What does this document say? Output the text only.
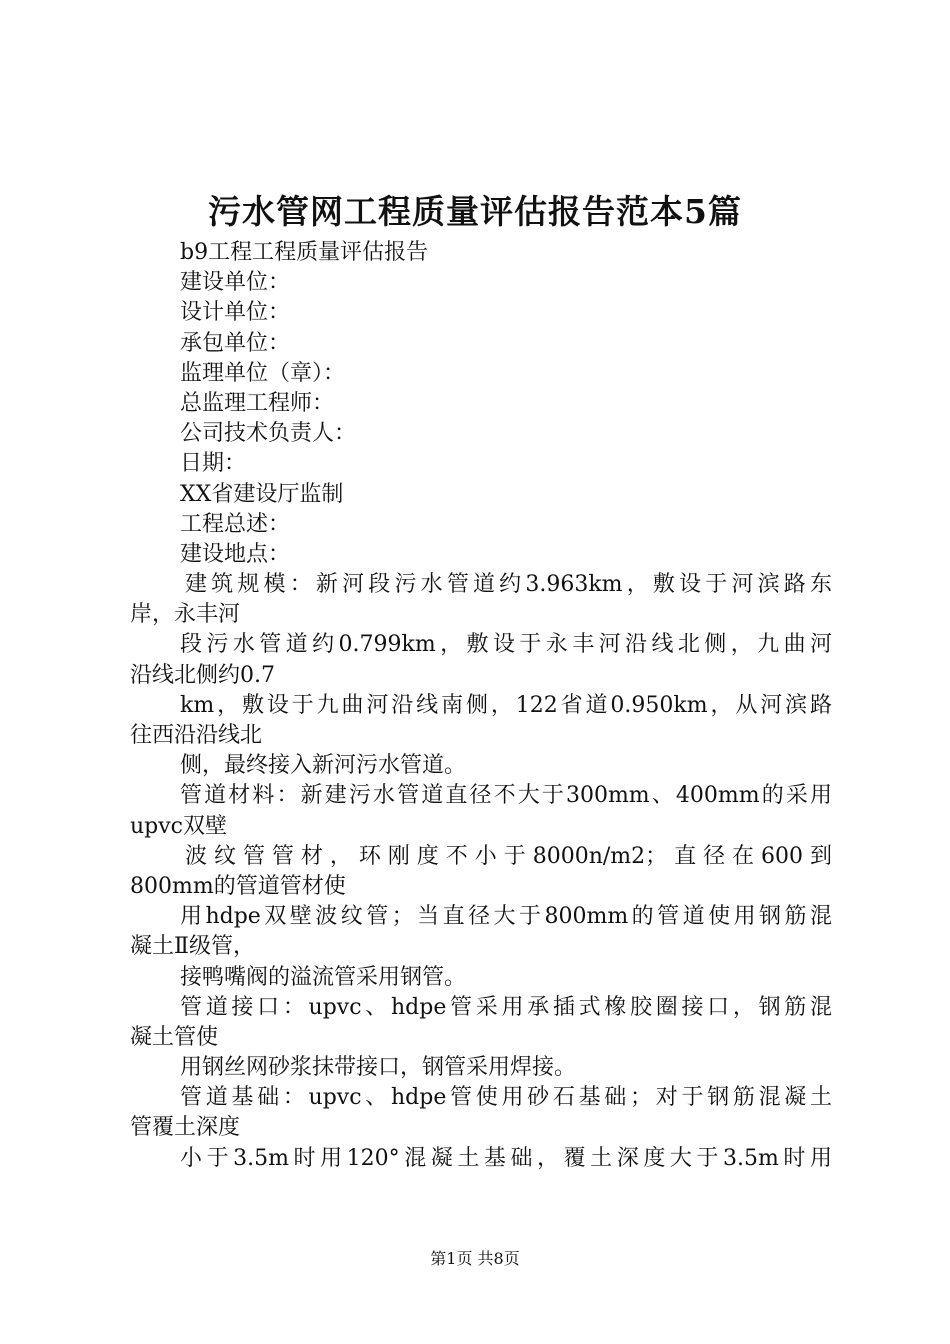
污水管网工程质量评估报告范本5篇
b9工程工程质量评估报告
建设单位：
设计单位：
承包单位：
监理单位（章）：
总监理工程师：
公司技术负责人：
日期：
XX省建设厅监制
工程总述：
建设地点：
建筑规模：新河段污水管道约3.963km，敷设于河滨路东
岸，永丰河
段污水管道约0.799km，敷设于永丰河沿线北侧，九曲河
沿线北侧约0.7
km，敷设于九曲河沿线南侧，122省道0.950km，从河滨路
往西沿沿线北
侧，最终接入新河污水管道。
管道材料：新建污水管道直径不大于300mm、400mm的采用
upvc双壁
波纹管管材，环刚度不小于8000n/m2；直径在600到
800mm的管道管材使
用hdpe双壁波纹管；当直径大于800mm的管道使用钢筋混
凝土Ⅱ级管，
接鸭嘴阀的溢流管采用钢管。
管道接口：upvc、hdpe管采用承插式橡胶圈接口，钢筋混
凝土管使
用钢丝网砂浆抹带接口，钢管采用焊接。
管道基础：upvc、hdpe管使用砂石基础；对于钢筋混凝土
管覆土深度
小于3.5m时用120°混凝土基础，覆土深度大于3.5m时用
第1页 共8页
